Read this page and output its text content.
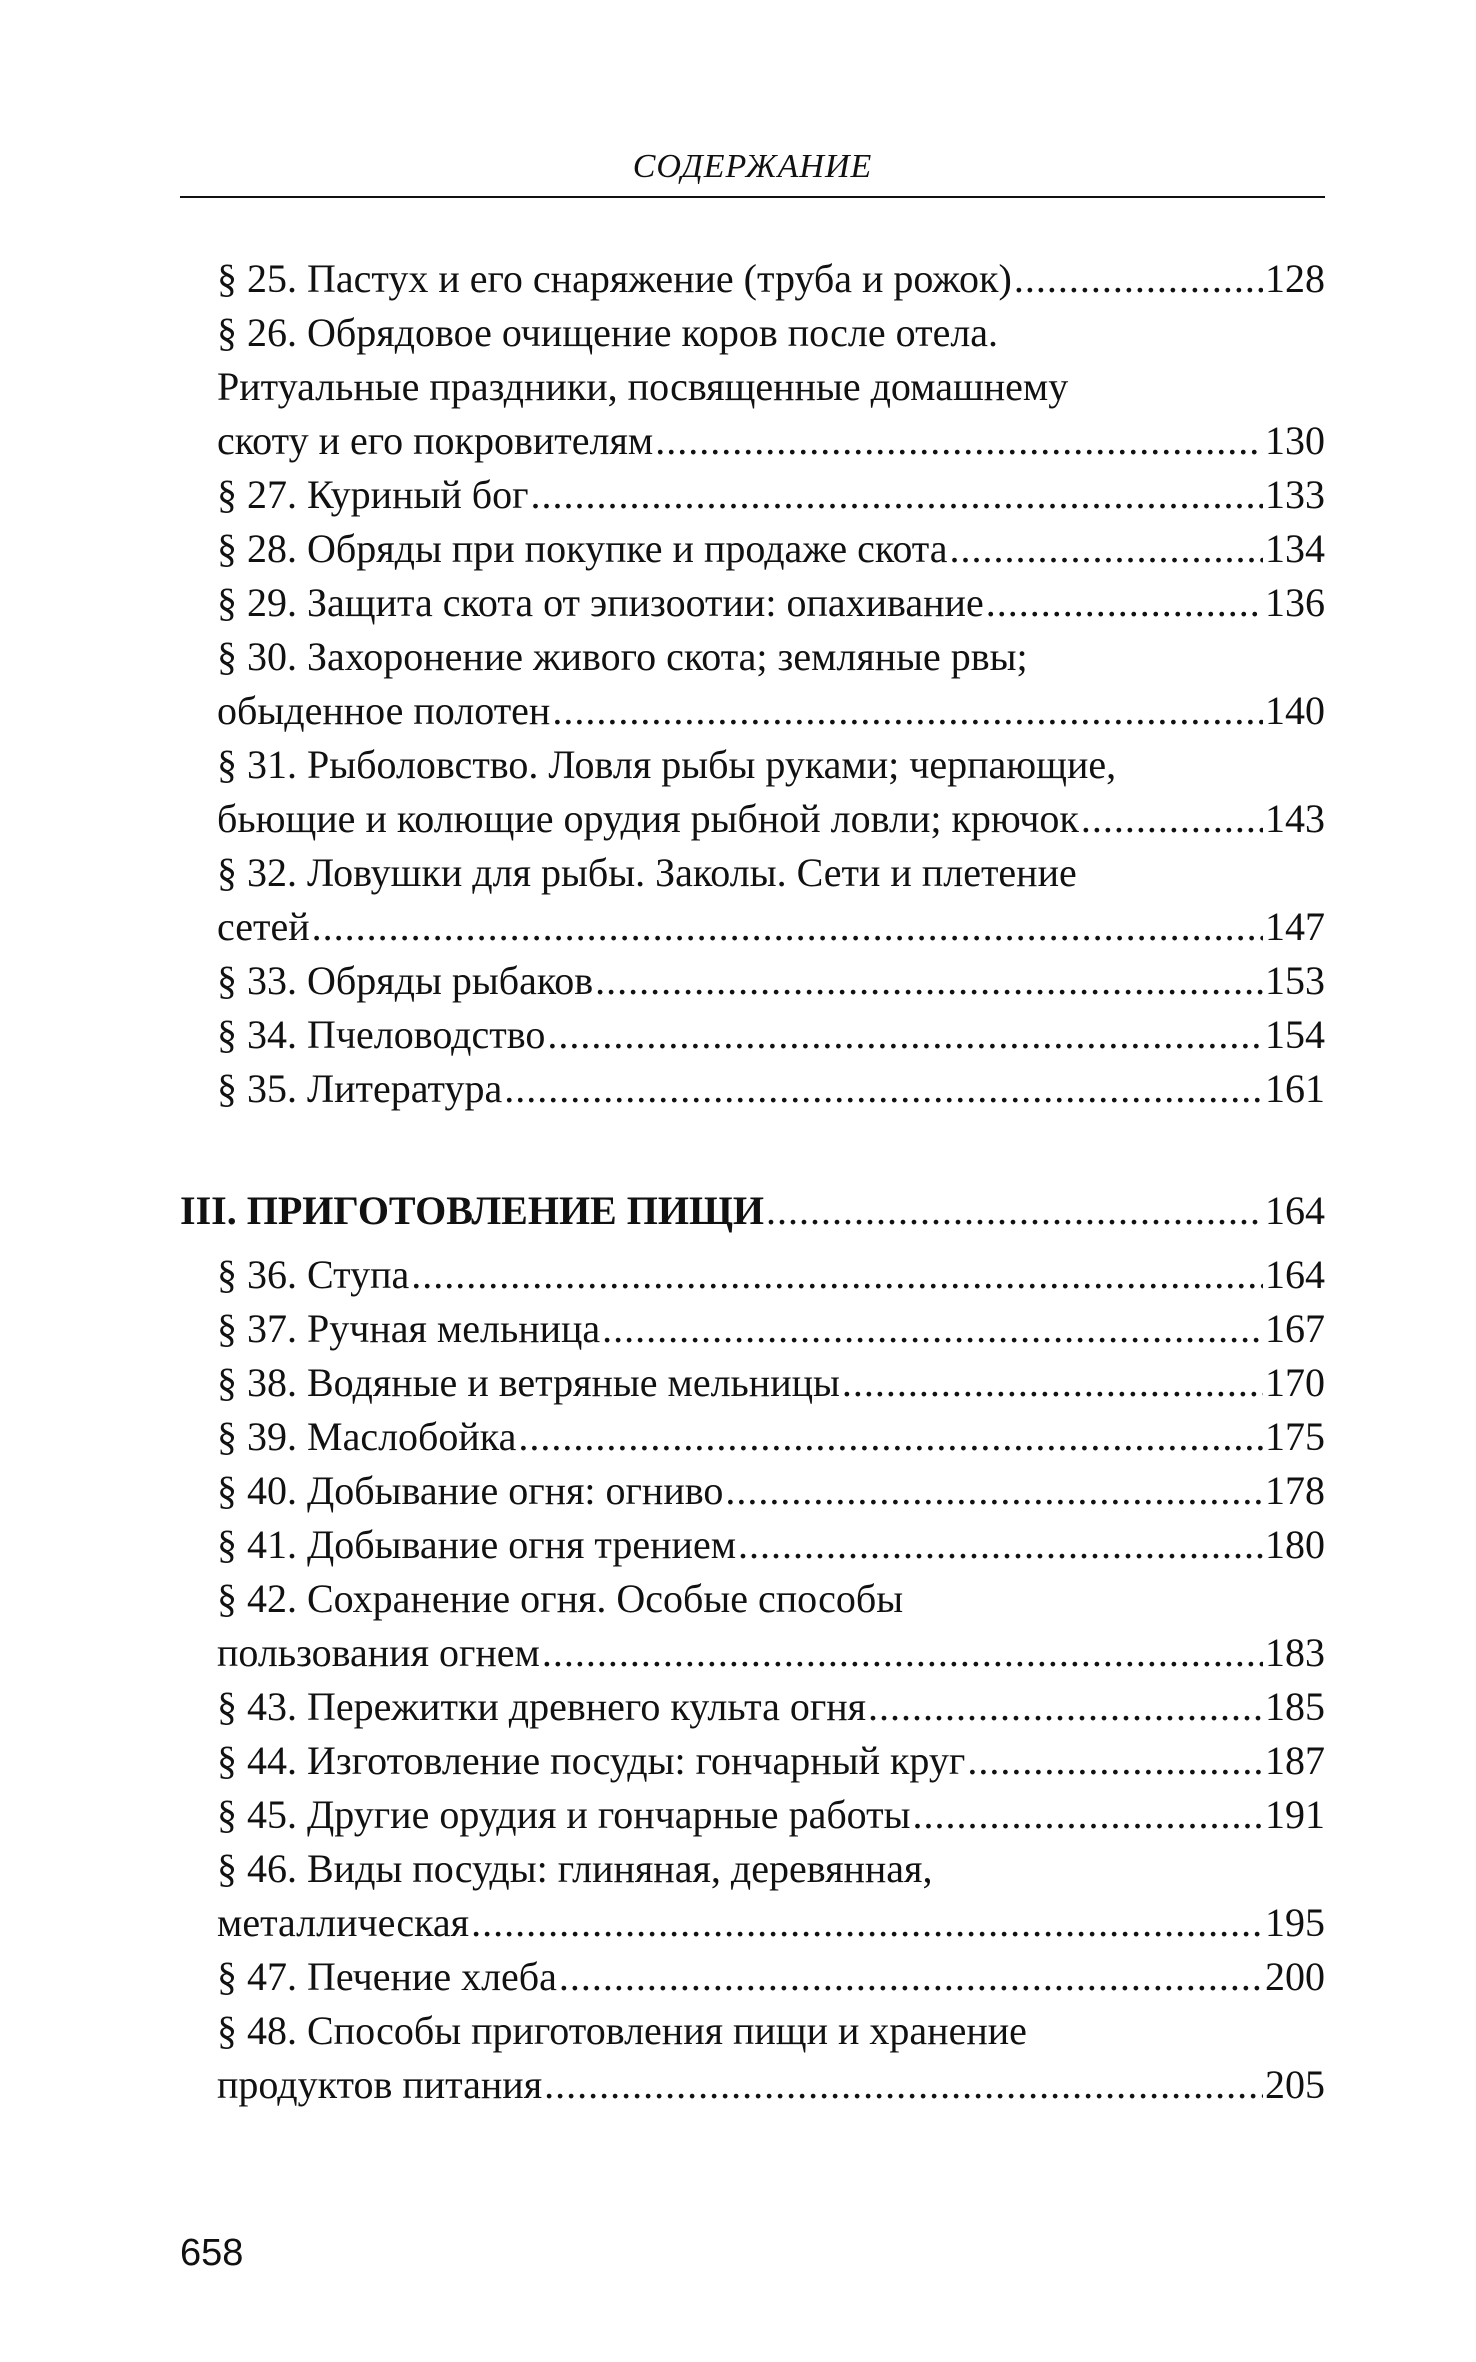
СОДЕРЖАНИЕ
§ 25. Пастух и его снаряжение (труба и рожок) .....	128
§ 26. Обрядовое очищение коров после отела.
Ритуальные праздники, посвященные домашнему
скоту и его покровителям .....	130
§ 27. Куриный бог .....	133
§ 28. Обряды при покупке и продаже скота .....	134
§ 29. Защита скота от эпизоотии: опахивание .....	136
§ 30. Захоронение живого скота; земляные рвы;
обыденное полотен .....	140
§ 31. Рыболовство. Ловля рыбы руками; черпающие,
бьющие и колющие орудия рыбной ловли; крючок .....	143
§ 32. Ловушки для рыбы. Заколы. Сети и плетение
сетей .....	147
§ 33. Обряды рыбаков .....	153
§ 34. Пчеловодство .....	154
§ 35. Литература .....	161
III. ПРИГОТОВЛЕНИЕ ПИЩИ .....	164
§ 36. Ступа .....	164
§ 37. Ручная мельница .....	167
§ 38. Водяные и ветряные мельницы .....	170
§ 39. Маслобойка .....	175
§ 40. Добывание огня: огниво .....	178
§ 41. Добывание огня трением .....	180
§ 42. Сохранение огня. Особые способы
пользования огнем .....	183
§ 43. Пережитки древнего культа огня .....	185
§ 44. Изготовление посуды: гончарный круг .....	187
§ 45. Другие орудия и гончарные работы .....	191
§ 46. Виды посуды: глиняная, деревянная,
металлическая .....	195
§ 47. Печение хлеба .....	200
§ 48. Способы приготовления пищи и хранение
продуктов питания .....	205
658
